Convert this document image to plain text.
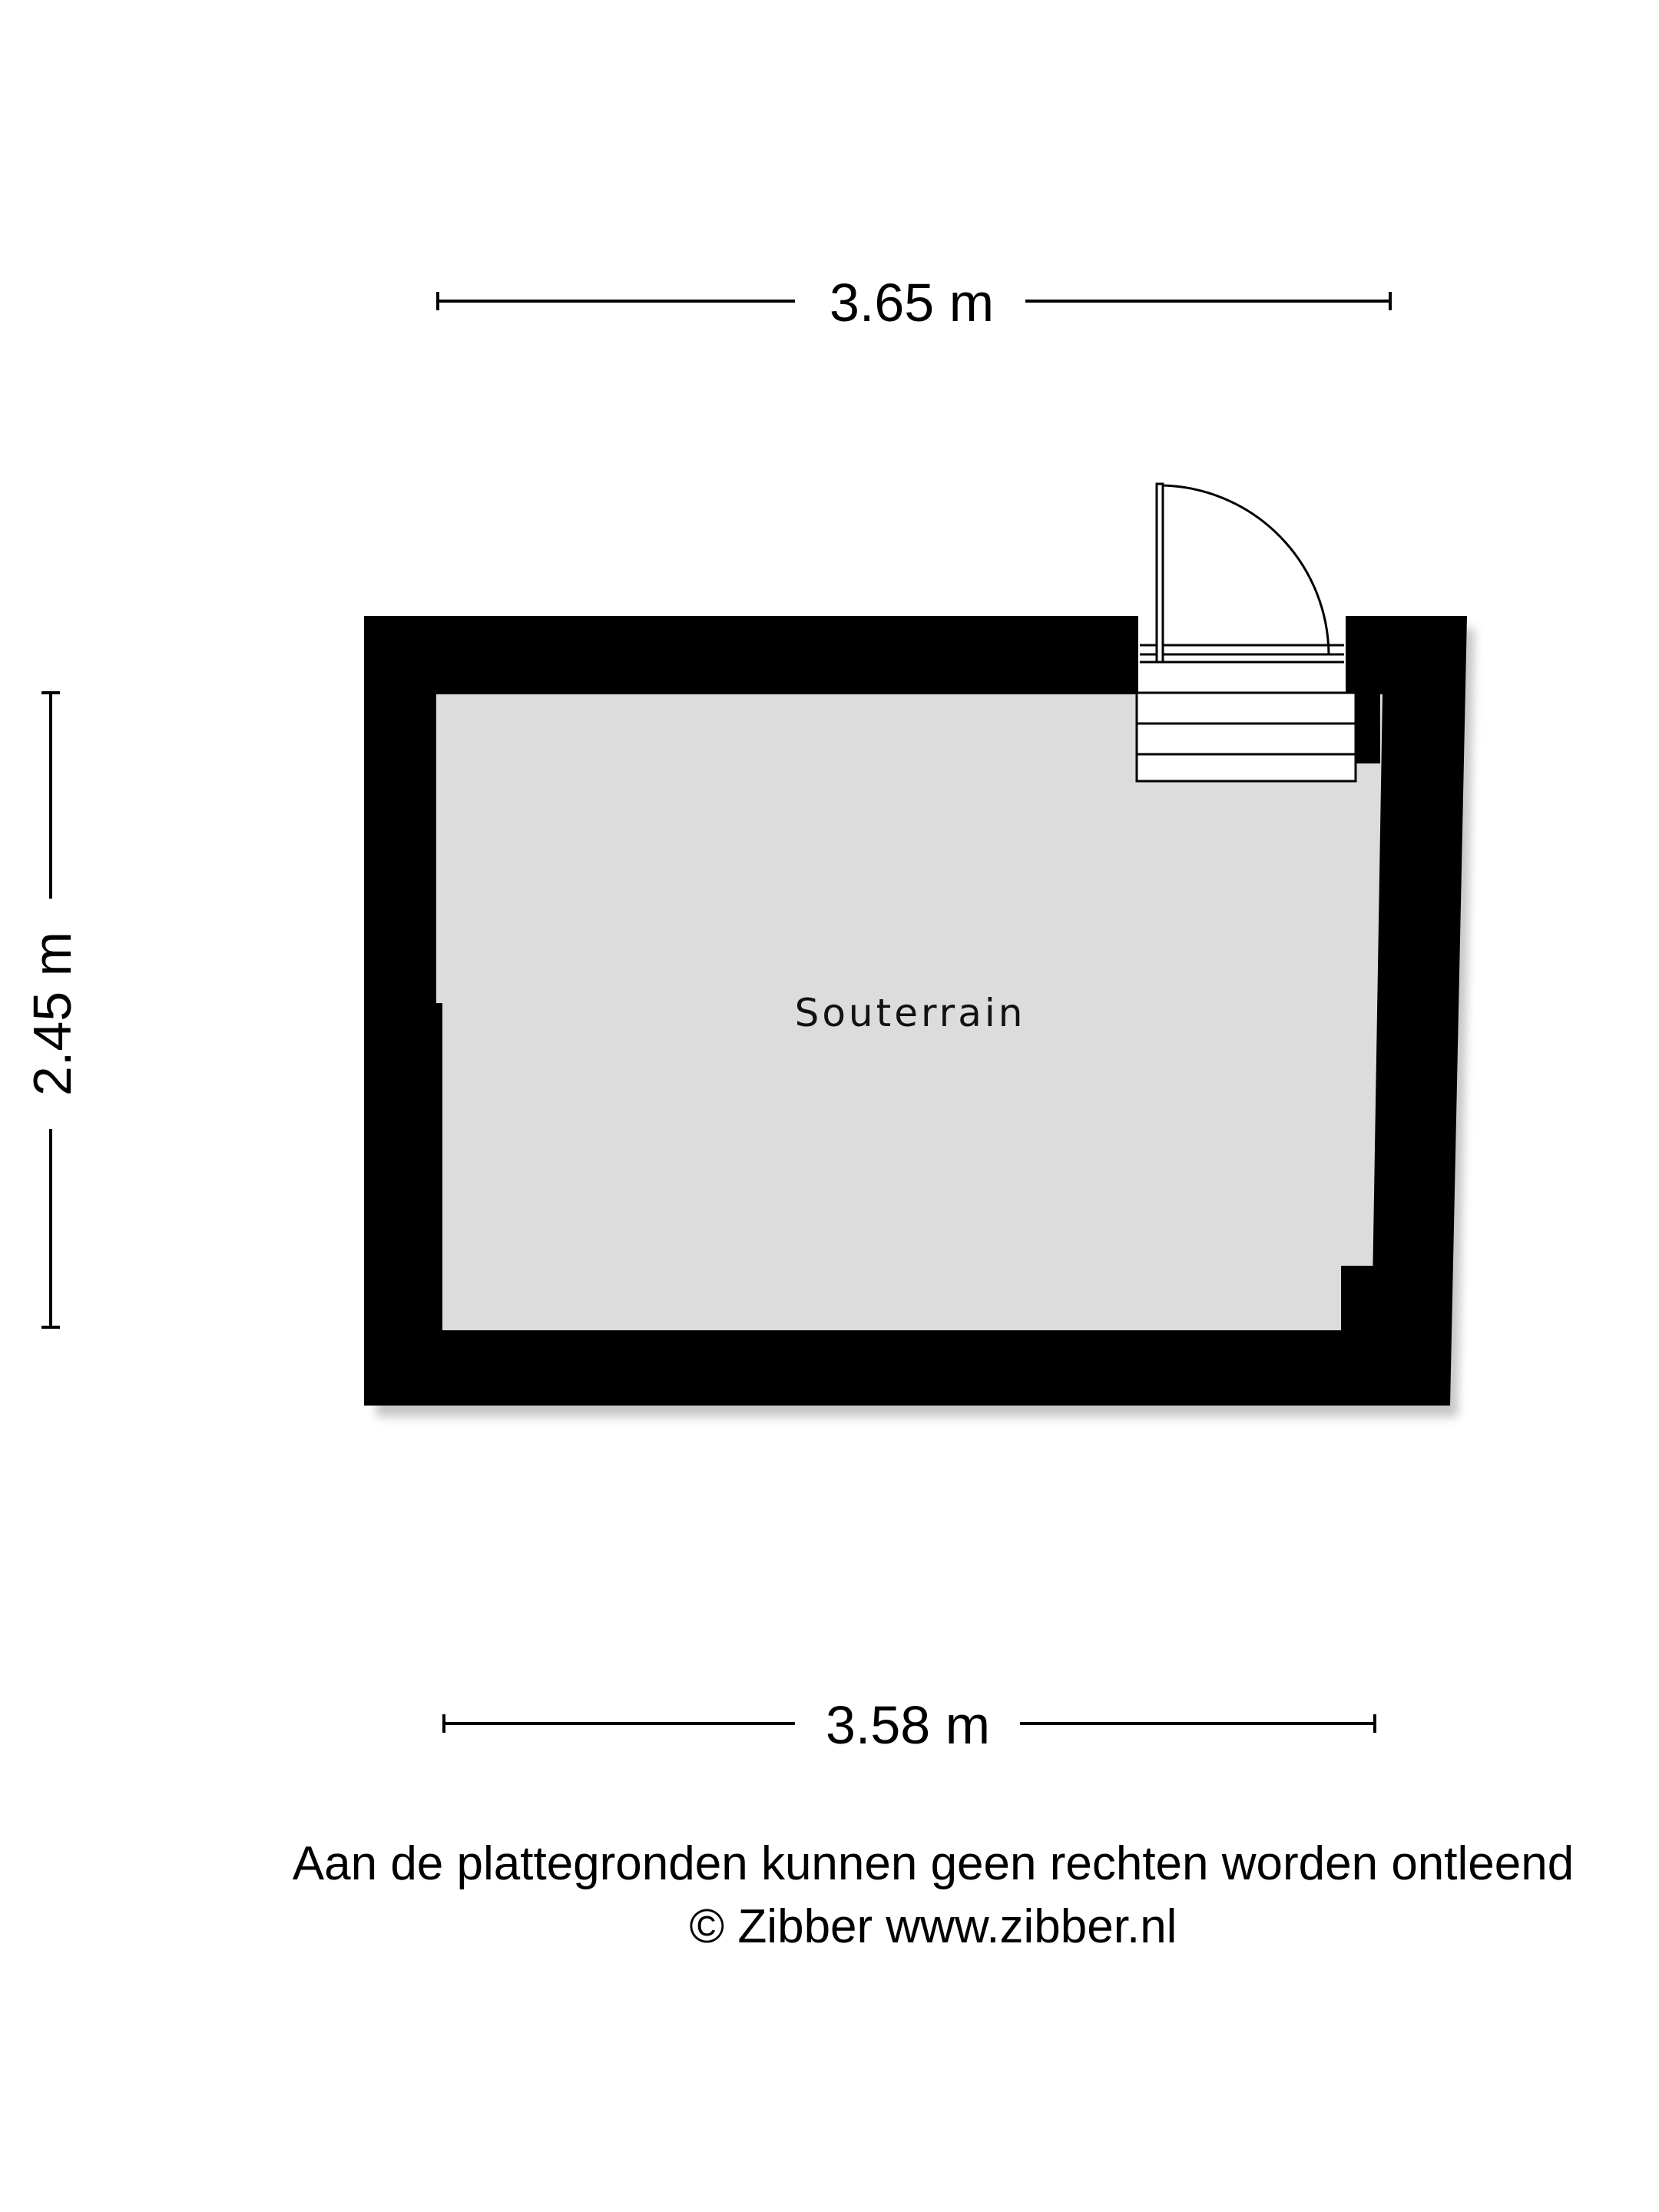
3.65 m
2.45 m	Souterrain
3.58 m
Aan de plattegronden kunnen geen rechten worden ontleend
© Zibber www.zibber.nl
